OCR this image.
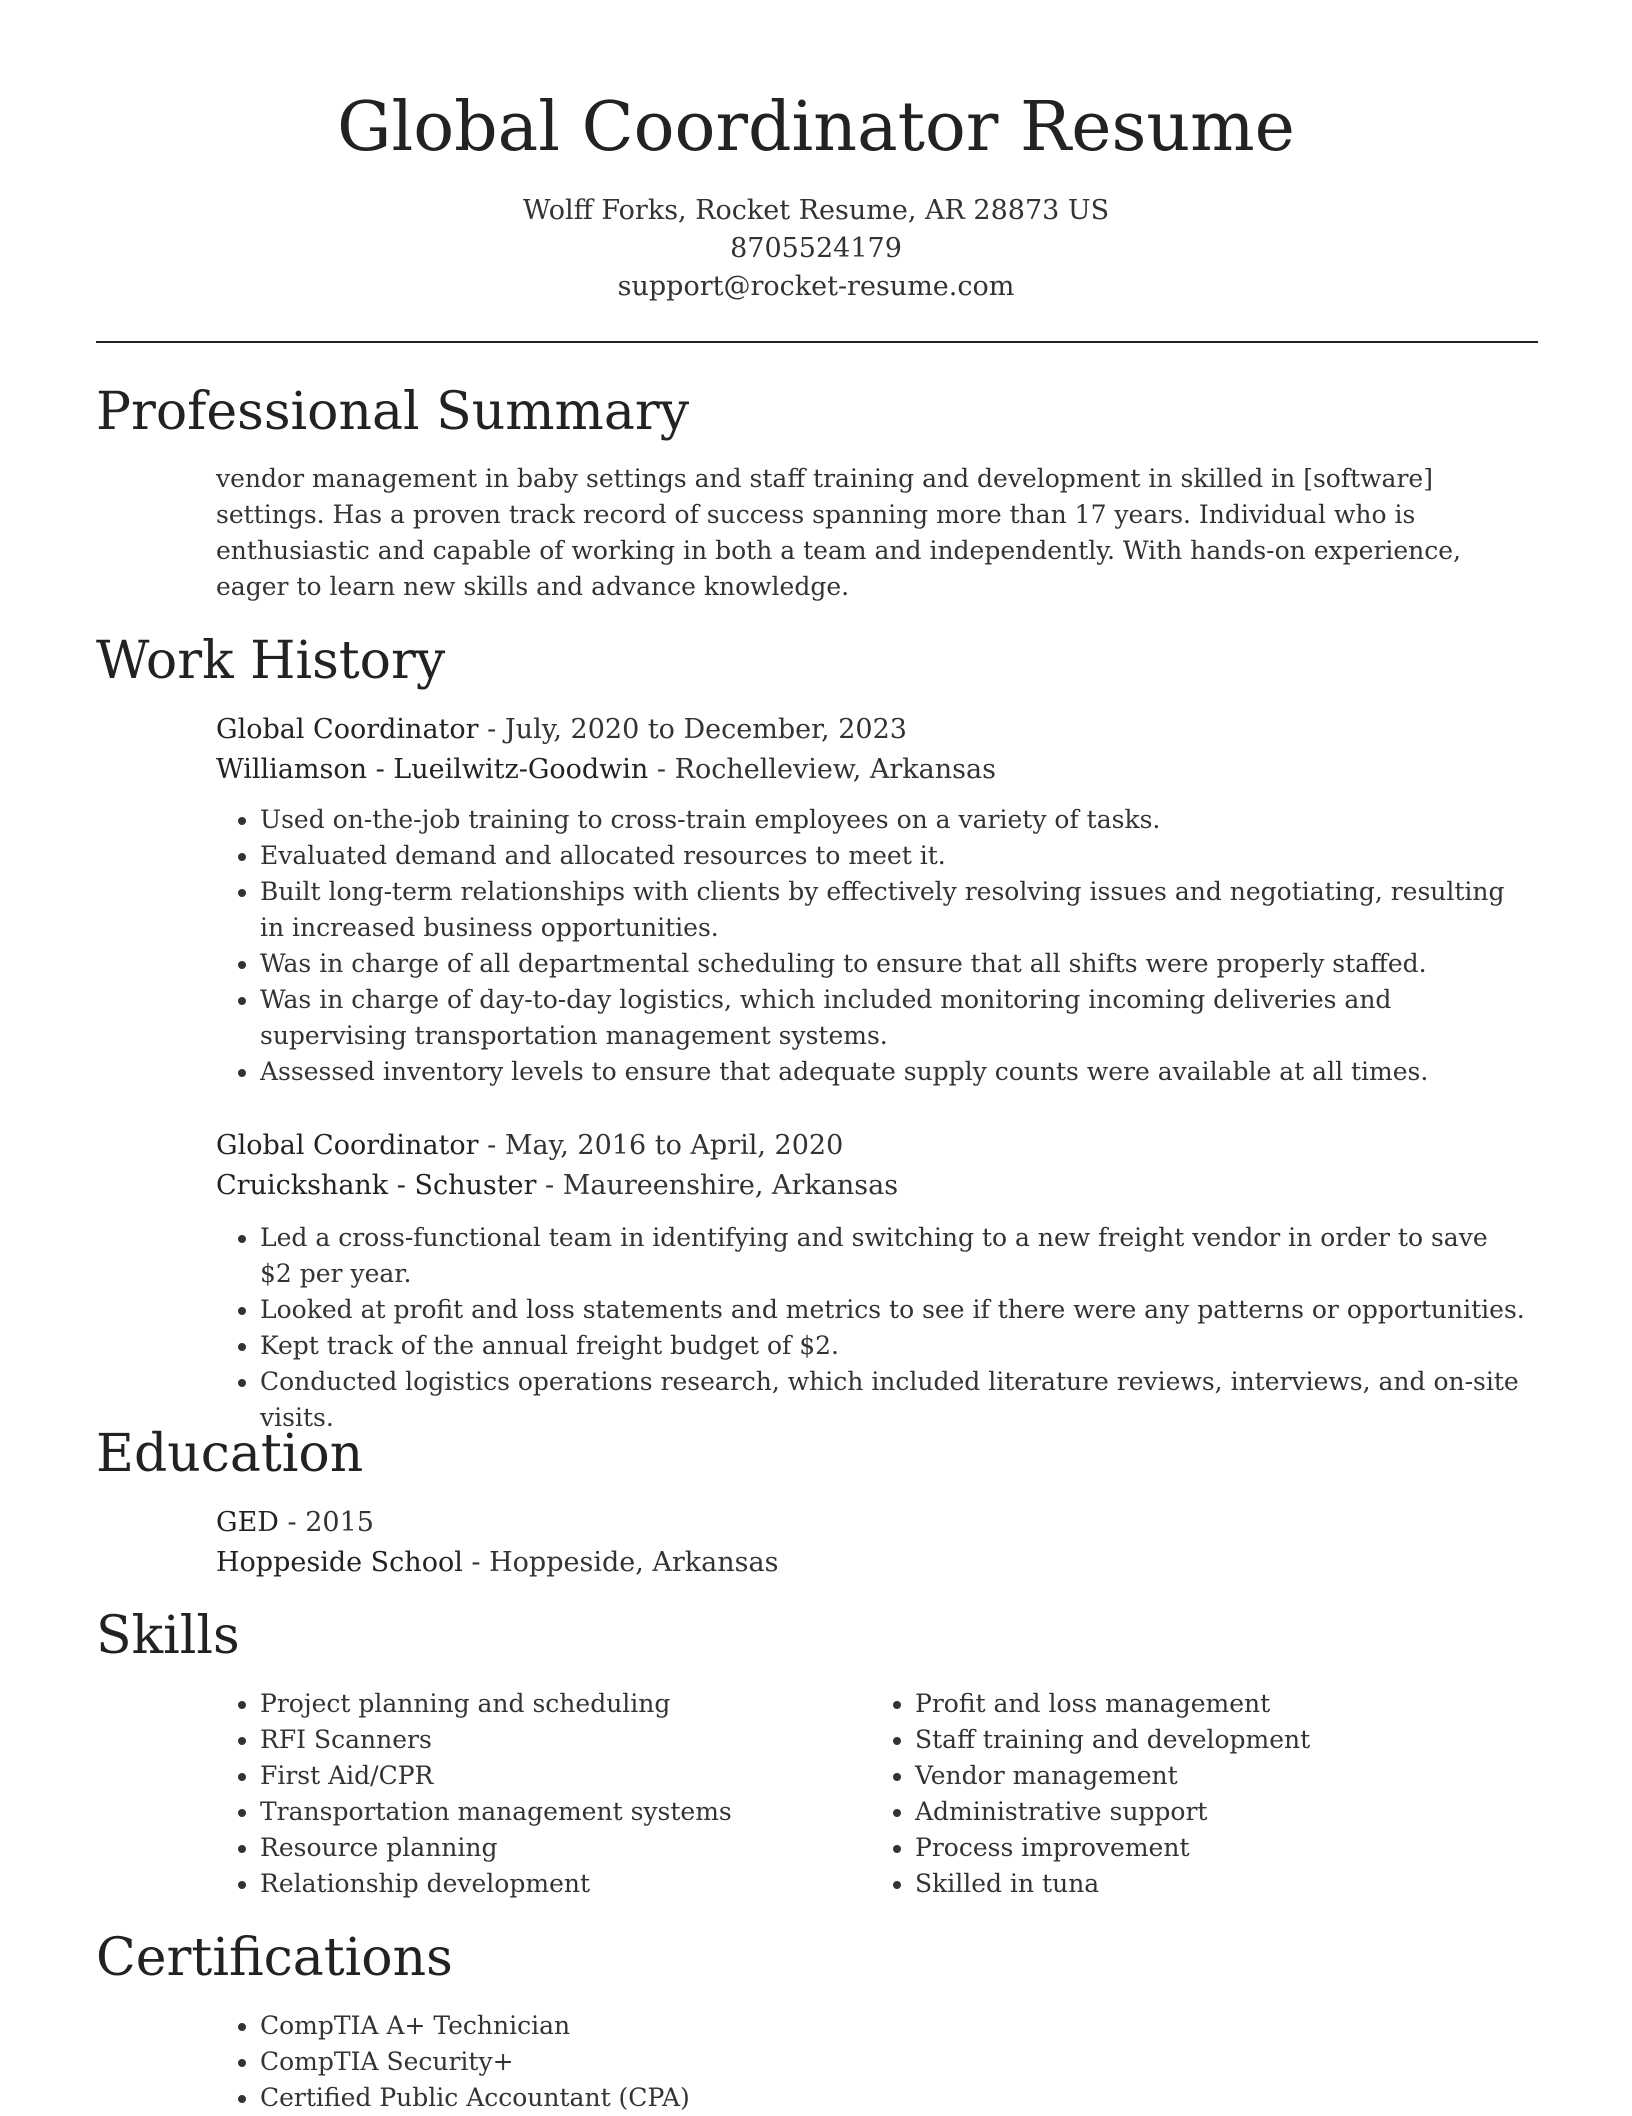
Global Coordinator Resume
Wolff Forks, Rocket Resume, AR 28873 US
8705524179
support@rocket-resume.com
Professional Summary
vendor management in baby settings and staff training and development in skilled in [software] settings. Has a proven track record of success spanning more than 17 years. Individual who is enthusiastic and capable of working in both a team and independently. With hands-on experience, eager to learn new skills and advance knowledge.
Work History
Global Coordinator - July, 2020 to December, 2023
Williamson - Lueilwitz-Goodwin - Rochelleview, Arkansas
• Used on-the-job training to cross-train employees on a variety of tasks.
• Evaluated demand and allocated resources to meet it.
• Built long-term relationships with clients by effectively resolving issues and negotiating, resulting in increased business opportunities.
• Was in charge of all departmental scheduling to ensure that all shifts were properly staffed.
• Was in charge of day-to-day logistics, which included monitoring incoming deliveries and supervising transportation management systems.
• Assessed inventory levels to ensure that adequate supply counts were available at all times.
Global Coordinator - May, 2016 to April, 2020
Cruickshank - Schuster - Maureenshire, Arkansas
• Led a cross-functional team in identifying and switching to a new freight vendor in order to save $2 per year.
• Looked at profit and loss statements and metrics to see if there were any patterns or opportunities.
• Kept track of the annual freight budget of $2.
• Conducted logistics operations research, which included literature reviews, interviews, and on-site visits.
Education
GED - 2015
Hoppeside School - Hoppeside, Arkansas
Skills
• Project planning and scheduling
• RFI Scanners
• First Aid/CPR
• Transportation management systems
• Resource planning
• Relationship development
• Profit and loss management
• Staff training and development
• Vendor management
• Administrative support
• Process improvement
• Skilled in tuna
Certifications
• CompTIA A+ Technician
• CompTIA Security+
• Certified Public Accountant (CPA)
